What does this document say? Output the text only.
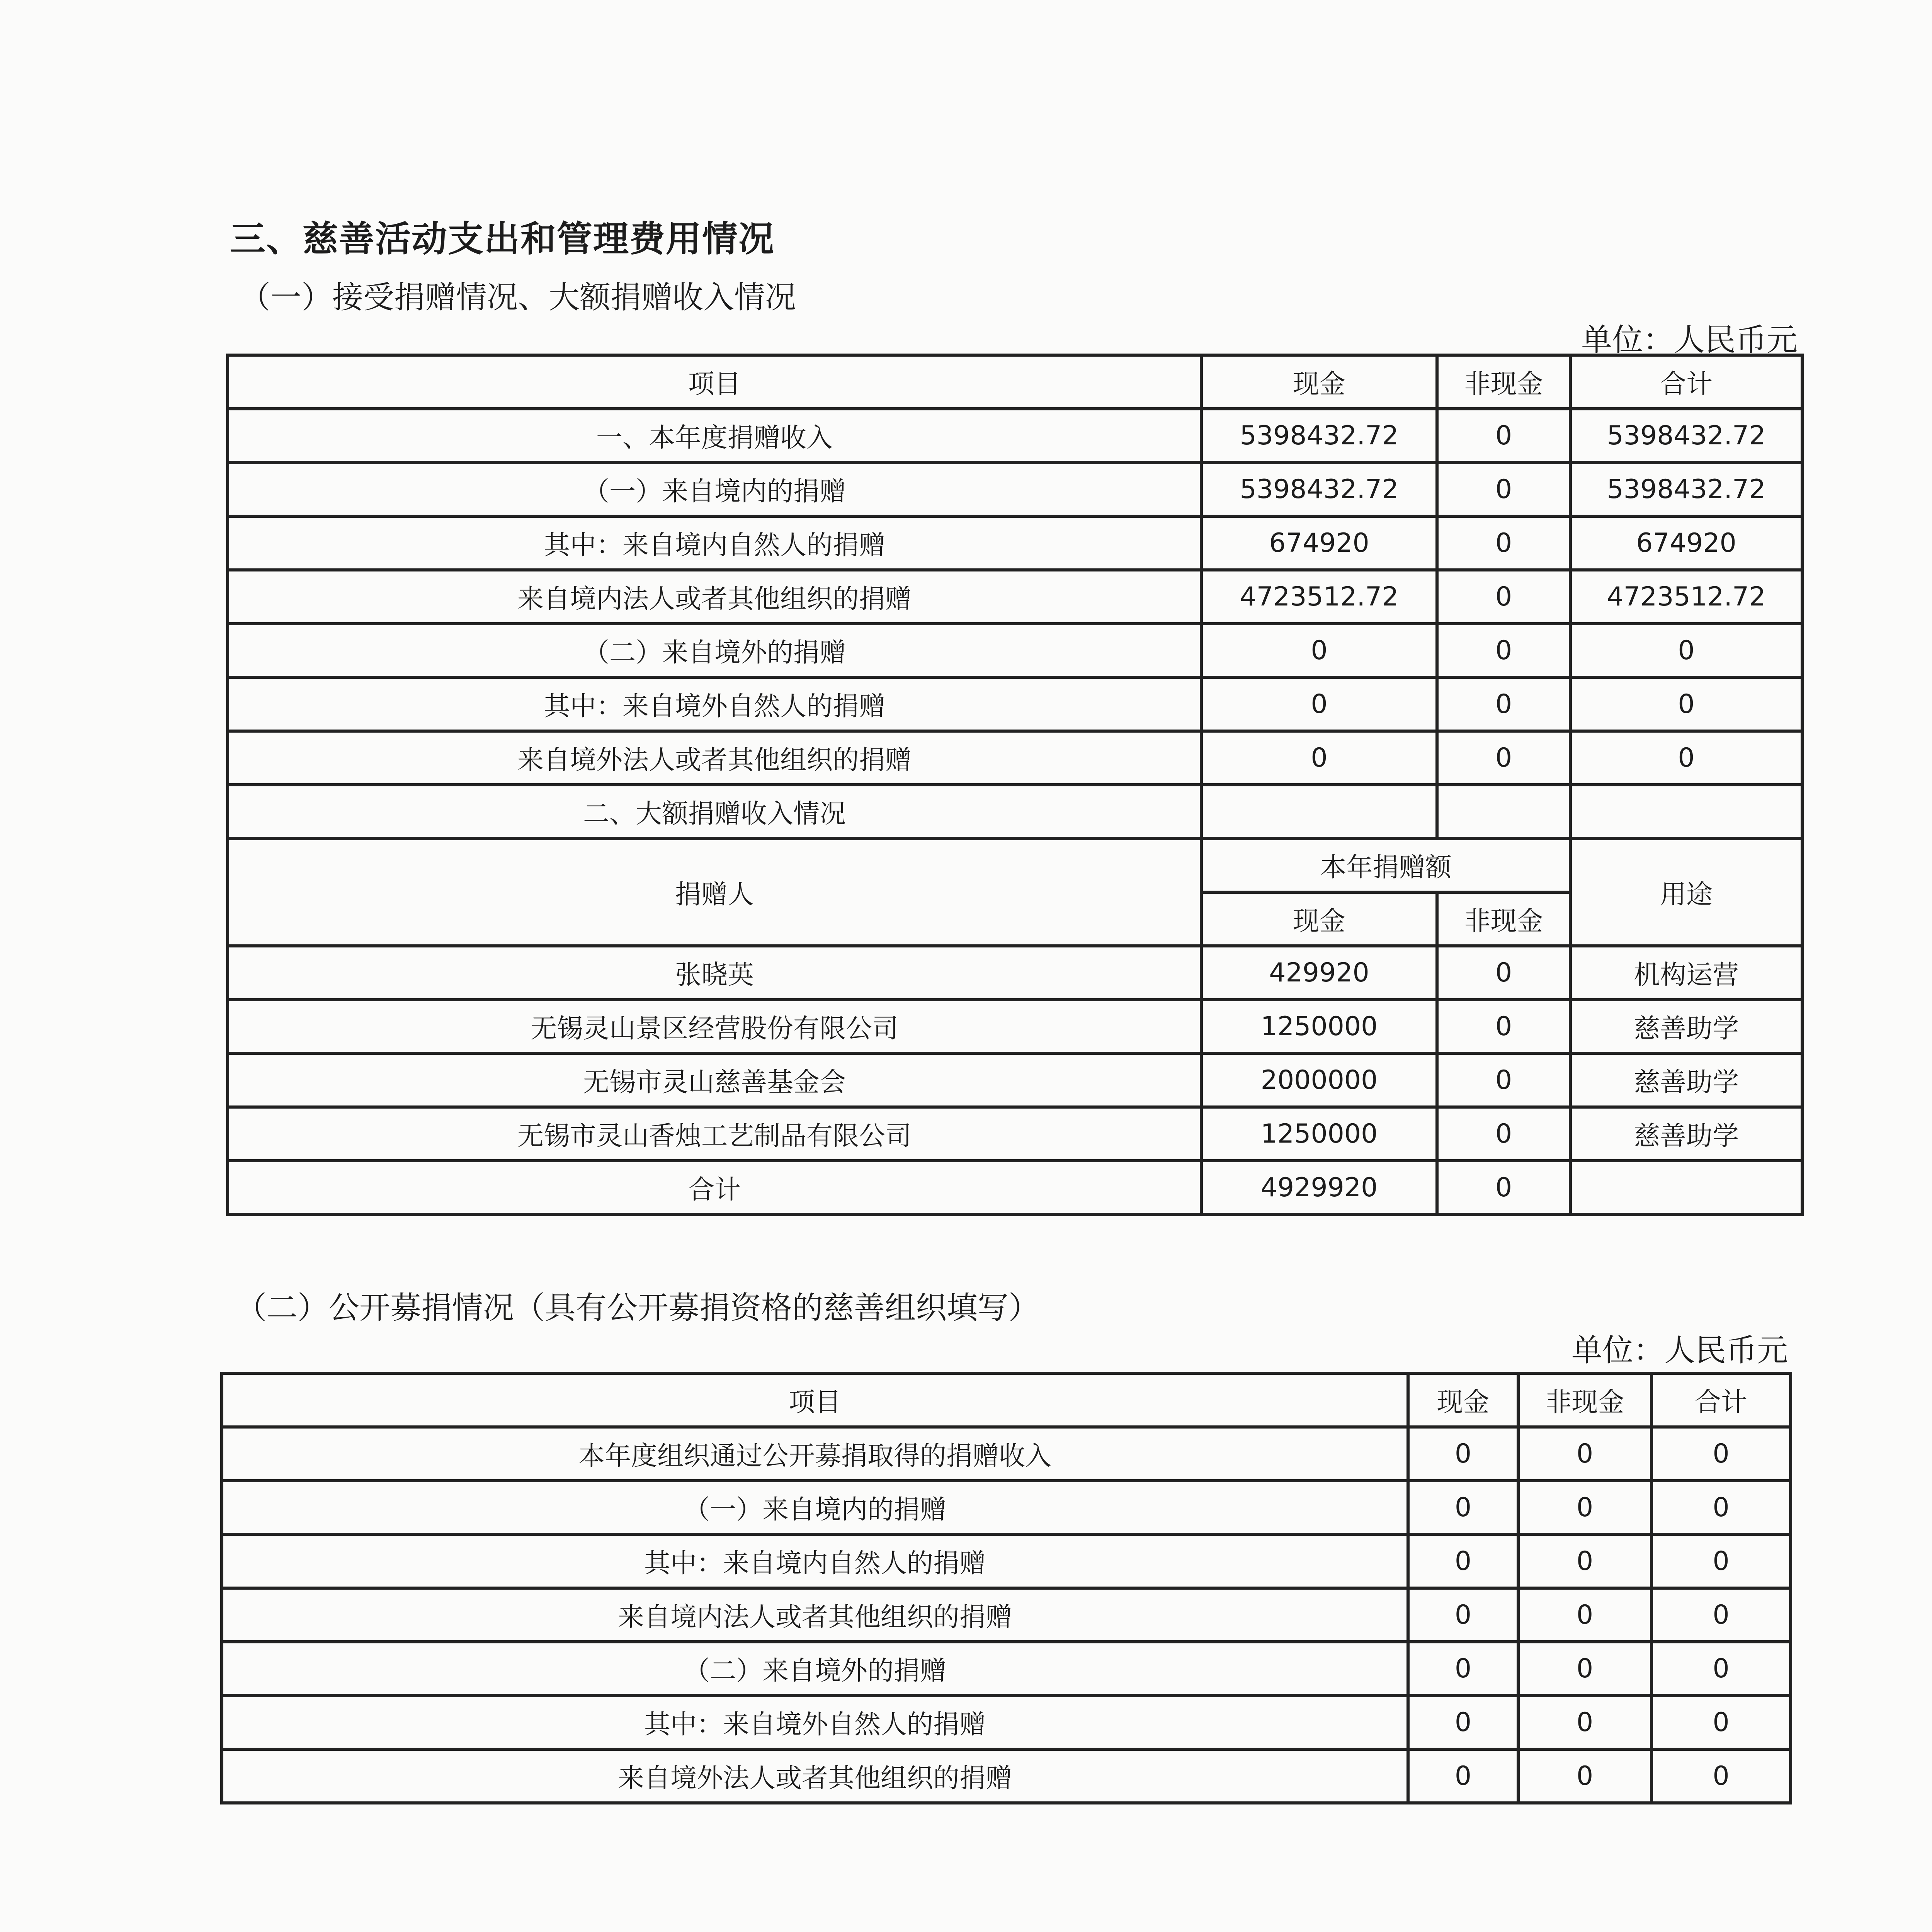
三、慈善活动支出和管理费用情况
（一）接受捐赠情况、大额捐赠收入情况
单位：人民币元
项目	现金	非现金	合计
一、本年度捐赠收入	5398432.72	0	5398432.72
（一）来自境内的捐赠	5398432.72	0	5398432.72
其中：来自境内自然人的捐赠	674920	0	674920
来自境内法人或者其他组织的捐赠	4723512.72	0	4723512.72
（二）来自境外的捐赠	0	0	0
其中：来自境外自然人的捐赠	0	0	0
来自境外法人或者其他组织的捐赠	0	0	0
二、大额捐赠收入情况			
捐赠人	本年捐赠额		用途
	现金	非现金	
张晓英	429920	0	机构运营
无锡灵山景区经营股份有限公司	1250000	0	慈善助学
无锡市灵山慈善基金会	2000000	0	慈善助学
无锡市灵山香烛工艺制品有限公司	1250000	0	慈善助学
合计	4929920	0	
（二）公开募捐情况（具有公开募捐资格的慈善组织填写）
单位：人民币元
项目	现金	非现金	合计
本年度组织通过公开募捐取得的捐赠收入	0	0	0
（一）来自境内的捐赠	0	0	0
其中：来自境内自然人的捐赠	0	0	0
来自境内法人或者其他组织的捐赠	0	0	0
（二）来自境外的捐赠	0	0	0
其中：来自境外自然人的捐赠	0	0	0
来自境外法人或者其他组织的捐赠	0	0	0
